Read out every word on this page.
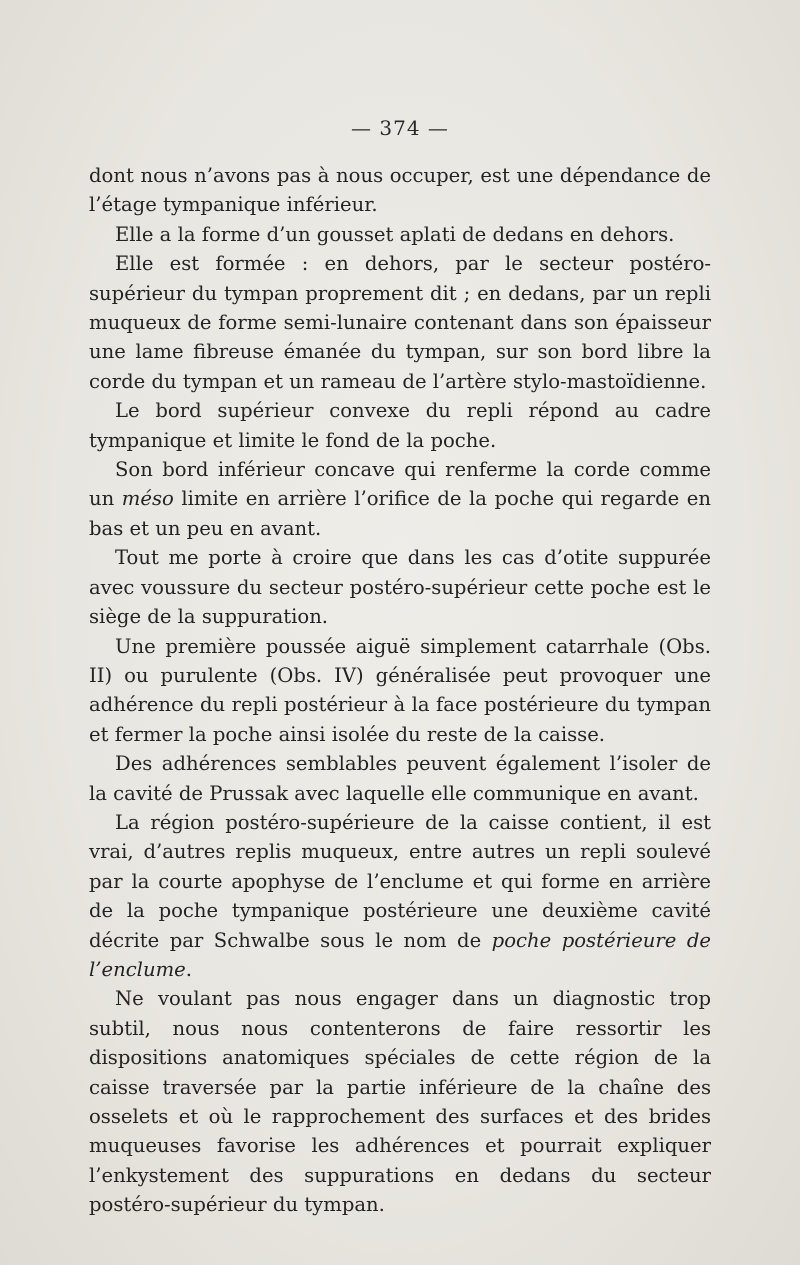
— 374 —

dont nous n’avons pas à nous occuper, est une dépendance de l’étage tympanique inférieur.

Elle a la forme d’un gousset aplati de dedans en dehors.

Elle est formée : en dehors, par le secteur postéro-supérieur du tympan proprement dit ; en dedans, par un repli muqueux de forme semi-lunaire contenant dans son épaisseur une lame fibreuse émanée du tympan, sur son bord libre la corde du tympan et un rameau de l’artère stylo-mastoïdienne.

Le bord supérieur convexe du repli répond au cadre tympanique et limite le fond de la poche.

Son bord inférieur concave qui renferme la corde comme un méso limite en arrière l’orifice de la poche qui regarde en bas et un peu en avant.

Tout me porte à croire que dans les cas d’otite suppurée avec voussure du secteur postéro-supérieur cette poche est le siège de la suppuration.

Une première poussée aiguë simplement catarrhale (Obs. II) ou purulente (Obs. IV) généralisée peut provoquer une adhérence du repli postérieur à la face postérieure du tympan et fermer la poche ainsi isolée du reste de la caisse.

Des adhérences semblables peuvent également l’isoler de la cavité de Prussak avec laquelle elle communique en avant.

La région postéro-supérieure de la caisse contient, il est vrai, d’autres replis muqueux, entre autres un repli soulevé par la courte apophyse de l’enclume et qui forme en arrière de la poche tympanique postérieure une deuxième cavité décrite par Schwalbe sous le nom de poche postérieure de l’enclume.

Ne voulant pas nous engager dans un diagnostic trop subtil, nous nous contenterons de faire ressortir les dispositions anatomiques spéciales de cette région de la caisse traversée par la partie inférieure de la chaîne des osselets et où le rapprochement des surfaces et des brides muqueuses favorise les adhérences et pourrait expliquer l’enkystement des suppurations en dedans du secteur postéro-supérieur du tympan.
